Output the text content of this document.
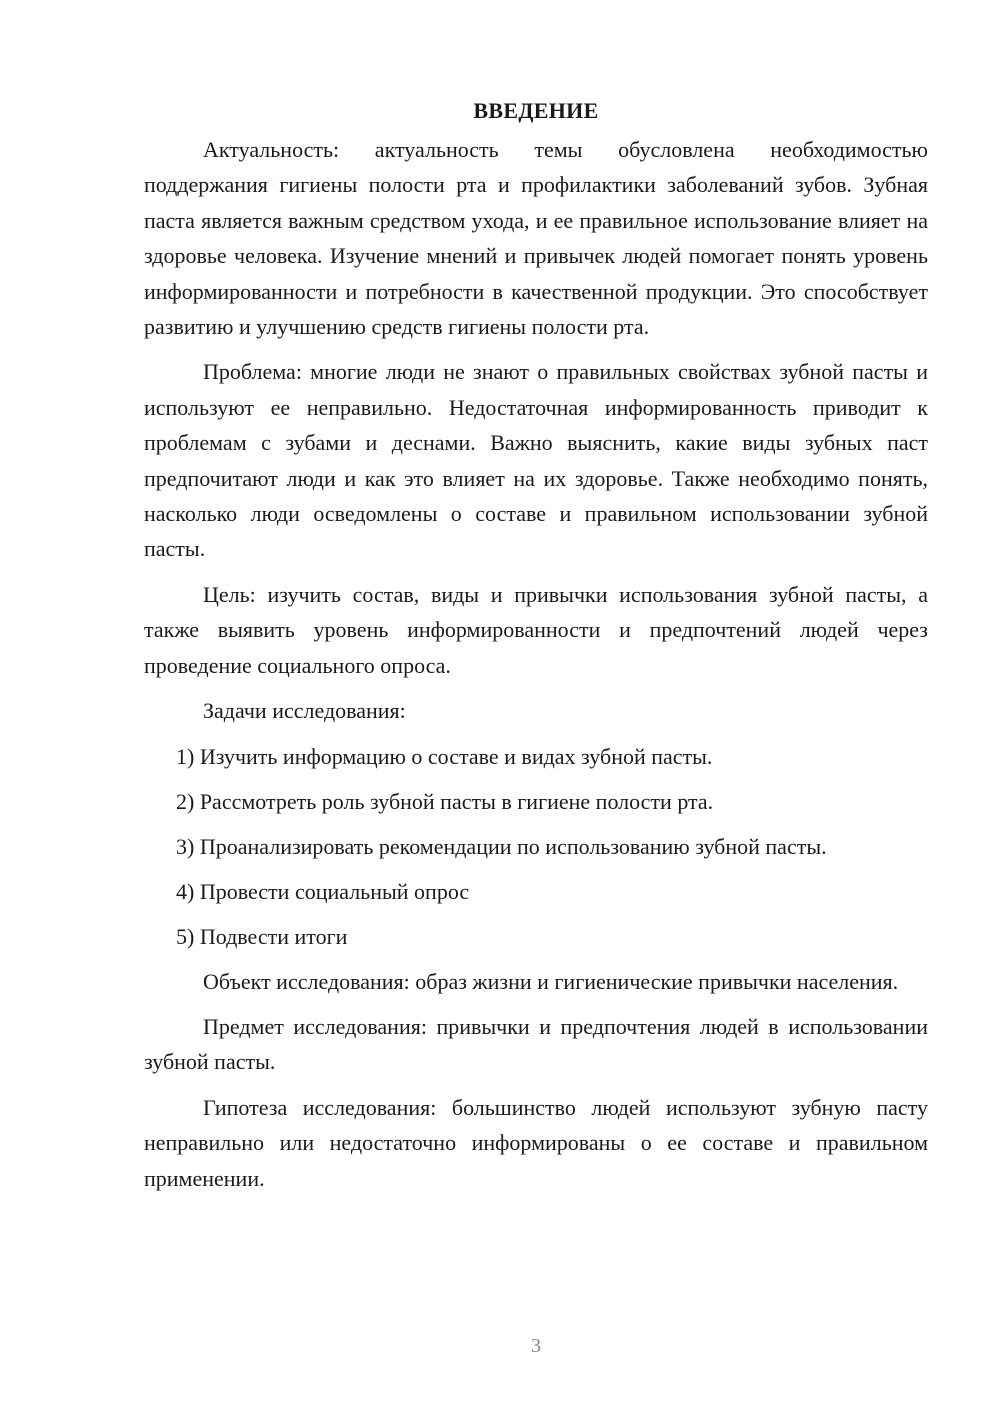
ВВЕДЕНИЕ

Актуальность: актуальность темы обусловлена необходимостью поддержания гигиены полости рта и профилактики заболеваний зубов. Зубная паста является важным средством ухода, и ее правильное использование влияет на здоровье человека. Изучение мнений и привычек людей помогает понять уровень информированности и потребности в качественной продукции. Это способствует развитию и улучшению средств гигиены полости рта.

Проблема: многие люди не знают о правильных свойствах зубной пасты и используют ее неправильно. Недостаточная информированность приводит к проблемам с зубами и деснами. Важно выяснить, какие виды зубных паст предпочитают люди и как это влияет на их здоровье. Также необходимо понять, насколько люди осведомлены о составе и правильном использовании зубной пасты.

Цель: изучить состав, виды и привычки использования зубной пасты, а также выявить уровень информированности и предпочтений людей через проведение социального опроса.

Задачи исследования:

1) Изучить информацию о составе и видах зубной пасты.
2) Рассмотреть роль зубной пасты в гигиене полости рта.
3) Проанализировать рекомендации по использованию зубной пасты.
4) Провести социальный опрос
5) Подвести итоги

Объект исследования: образ жизни и гигиенические привычки населения.

Предмет исследования: привычки и предпочтения людей в использовании зубной пасты.

Гипотеза исследования: большинство людей используют зубную пасту неправильно или недостаточно информированы о ее составе и правильном применении.

3
